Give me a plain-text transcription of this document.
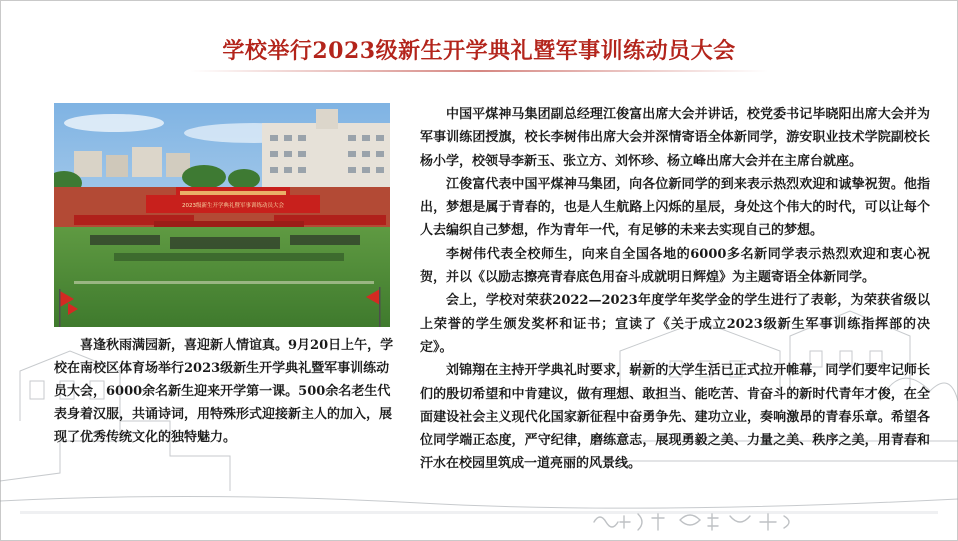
学校举行2023级新生开学典礼暨军事训练动员大会
2023级新生开学典礼暨军事训练动员大会

喜逢秋雨满园新，喜迎新人情谊真。9月20日上午，学校在南校区体育场举行2023级新生开学典礼暨军事训练动员大会，6000余名新生迎来开学第一课。500余名老生代表身着汉服，共诵诗词，用特殊形式迎接新主人的加入，展现了优秀传统文化的独特魅力。

中国平煤神马集团副总经理江俊富出席大会并讲话，校党委书记毕晓阳出席大会并为军事训练团授旗，校长李树伟出席大会并深情寄语全体新同学，游安职业技术学院副校长杨小学，校领导李新玉、张立方、刘怀珍、杨立峰出席大会并在主席台就座。

江俊富代表中国平煤神马集团，向各位新同学的到来表示热烈欢迎和诚挚祝贺。他指出，梦想是属于青春的，也是人生航路上闪烁的星辰，身处这个伟大的时代，可以让每个人去编织自己梦想，作为青年一代，有足够的未来去实现自己的梦想。

李树伟代表全校师生，向来自全国各地的6000多名新同学表示热烈欢迎和衷心祝贺，并以《以励志擦亮青春底色用奋斗成就明日辉煌》为主题寄语全体新同学。

会上，学校对荣获2022—2023年度学年奖学金的学生进行了表彰，为荣获省级以上荣誉的学生颁发奖杯和证书；宣读了《关于成立2023级新生军事训练指挥部的决定》。

刘锦翔在主持开学典礼时要求，崭新的大学生活已正式拉开帷幕，同学们要牢记师长们的殷切希望和中肯建议，做有理想、敢担当、能吃苦、肯奋斗的新时代青年才俊，在全面建设社会主义现代化国家新征程中奋勇争先、建功立业，奏响激昂的青春乐章。希望各位同学端正态度，严守纪律，磨练意志，展现勇毅之美、力量之美、秩序之美，用青春和汗水在校园里筑成一道亮丽的风景线。
